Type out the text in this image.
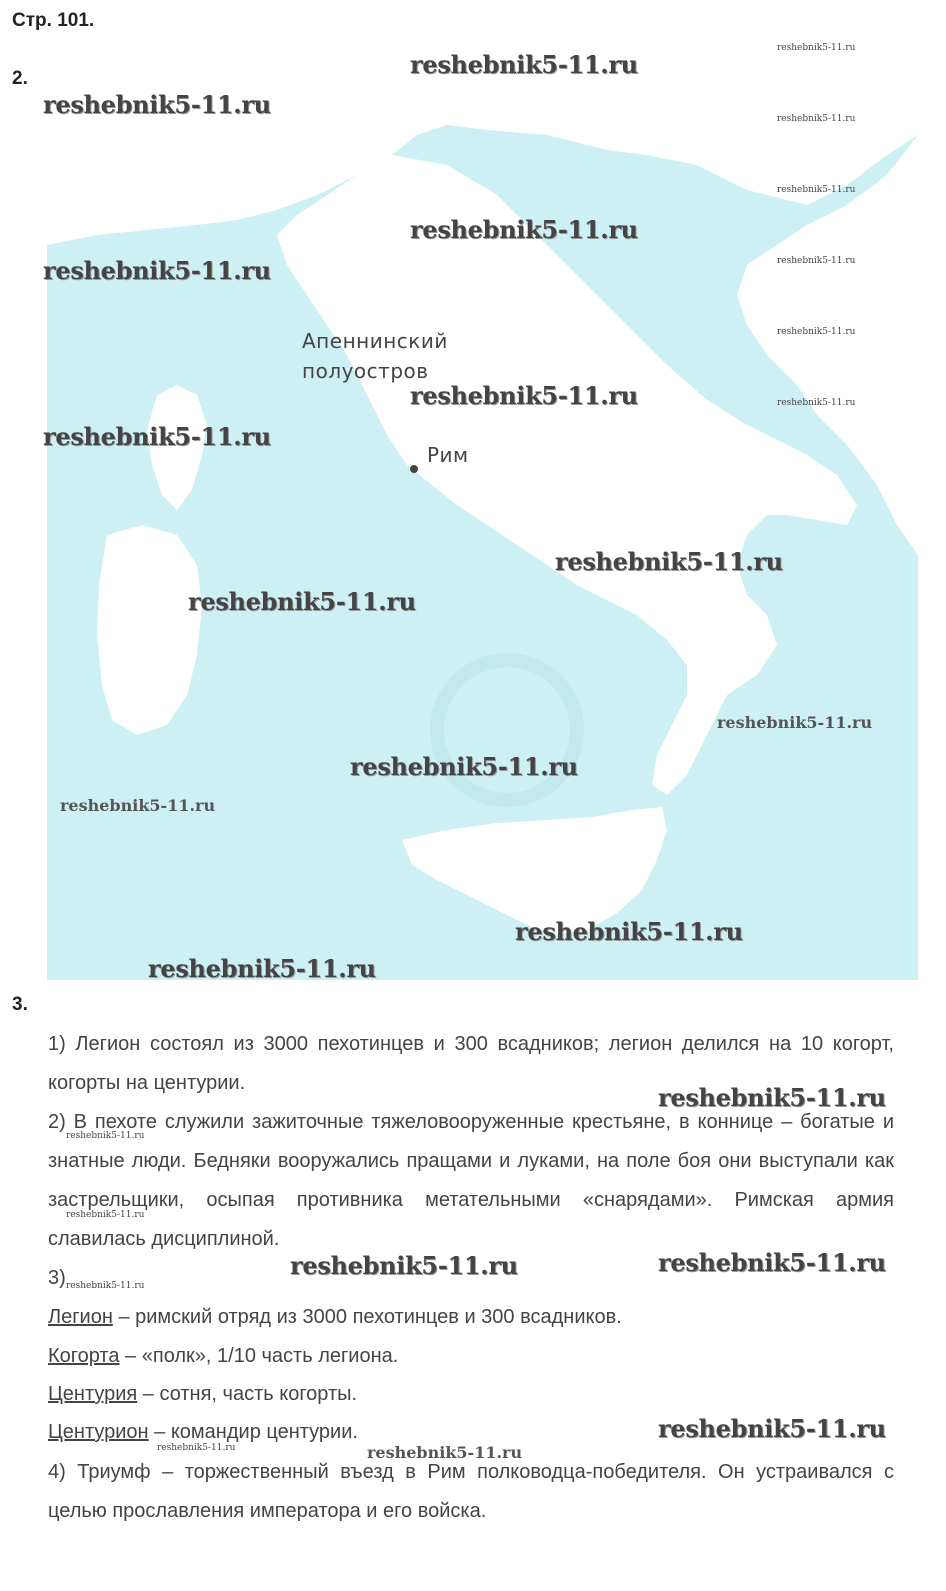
Стр. 101.
2.
Апеннинский
полуостров
Рим
reshebnik5-11.ru
reshebnik5-11.ru
reshebnik5-11.ru
reshebnik5-11.ru
reshebnik5-11.ru
reshebnik5-11.ru
reshebnik5-11.ru
reshebnik5-11.ru
reshebnik5-11.ru
reshebnik5-11.ru
reshebnik5-11.ru
reshebnik5-11.ru
reshebnik5-11.ru
reshebnik5-11.ru
reshebnik5-11.ru
reshebnik5-11.ru
reshebnik5-11.ru
reshebnik5-11.ru
reshebnik5-11.ru
3.
1) Легион состоял из 3000 пехотинцев и 300 всадников; легион делился на 10 когорт, когорты на центурии.
2) В пехоте служили зажиточные тяжеловооруженные крестьяне, в коннице – богатые и знатные люди. Бедняки вооружались пращами и луками, на поле боя они выступали как застрельщики, осыпая противника метательными «снарядами». Римская армия славилась дисциплиной.
3)
Легион – римский отряд из 3000 пехотинцев и 300 всадников.
Когорта – «полк», 1/10 часть легиона.
Центурия – сотня, часть когорты.
Центурион – командир центурии.
4) Триумф – торжественный въезд в Рим полководца-победителя. Он устраивался с целью прославления императора и его войска.
reshebnik5-11.ru
reshebnik5-11.ru
reshebnik5-11.ru
reshebnik5-11.ru
reshebnik5-11.ru
reshebnik5-11.ru
reshebnik5-11.ru
reshebnik5-11.ru
reshebnik5-11.ru
